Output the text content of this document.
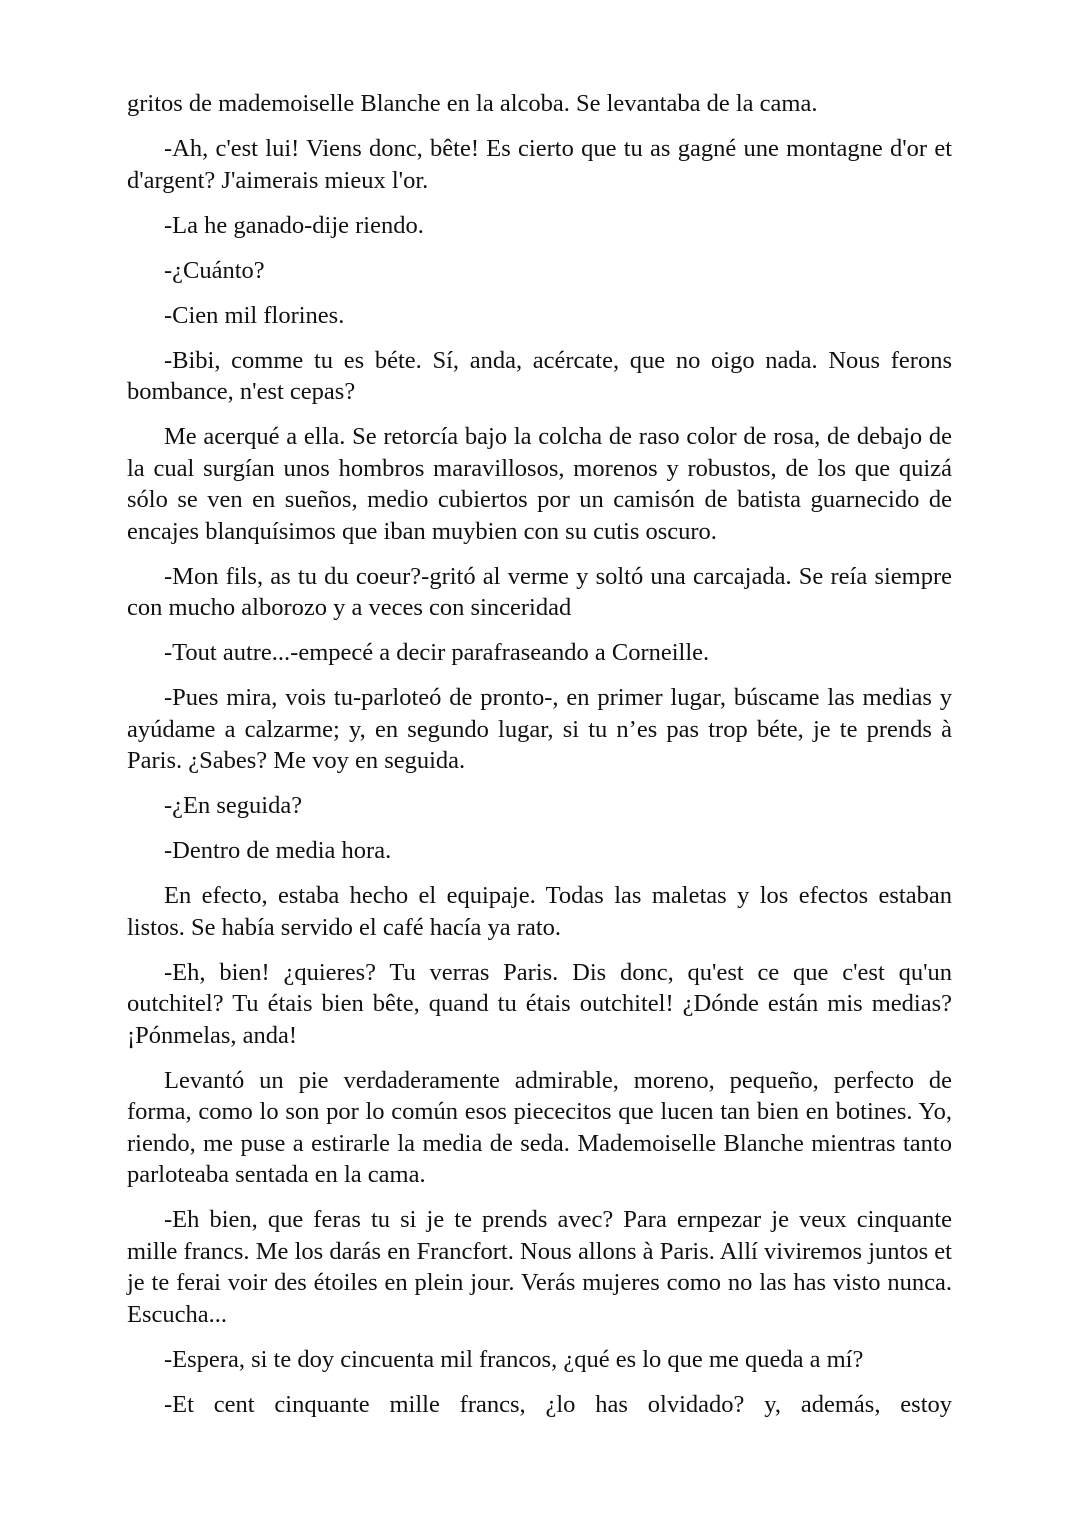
gritos de mademoiselle Blanche en la alcoba. Se levantaba de la cama.

-Ah, c'est lui! Viens donc, bête! Es cierto que tu as gagné une montagne d'or et d'argent? J'aimerais mieux l'or.

-La he ganado-dije riendo.

-¿Cuánto?

-Cien mil florines.

-Bibi, comme tu es béte. Sí, anda, acércate, que no oigo nada. Nous ferons bombance, n'est cepas?

Me acerqué a ella. Se retorcía bajo la colcha de raso color de rosa, de debajo de la cual surgían unos hombros maravillosos, morenos y robustos, de los que quizá sólo se ven en sueños, medio cubiertos por un camisón de batista guarnecido de encajes blanquísimos que iban muybien con su cutis oscuro.

-Mon fils, as tu du coeur?-gritó al verme y soltó una carcajada. Se reía siempre con mucho alborozo y a veces con sinceridad

-Tout autre...-empecé a decir parafraseando a Corneille.

-Pues mira, vois tu-parloteó de pronto-, en primer lugar, búscame las medias y ayúdame a calzarme; y, en segundo lugar, si tu n’es pas trop béte, je te prends à Paris. ¿Sabes? Me voy en seguida.

-¿En seguida?

-Dentro de media hora.

En efecto, estaba hecho el equipaje. Todas las maletas y los efectos estaban listos. Se había servido el café hacía ya rato.

-Eh, bien! ¿quieres? Tu verras Paris. Dis donc, qu'est ce que c'est qu'un outchitel? Tu étais bien bête, quand tu étais outchitel! ¿Dónde están mis medias? ¡Pónmelas, anda!

Levantó un pie verdaderamente admirable, moreno, pequeño, perfecto de forma, como lo son por lo común esos piececitos que lucen tan bien en botines. Yo, riendo, me puse a estirarle la media de seda. Mademoiselle Blanche mientras tanto parloteaba sentada en la cama.

-Eh bien, que feras tu si je te prends avec? Para ernpezar je veux cinquante mille francs. Me los darás en Francfort. Nous allons à Paris. Allí viviremos juntos et je te ferai voir des étoiles en plein jour. Verás mujeres como no las has visto nunca. Escucha...

-Espera, si te doy cincuenta mil francos, ¿qué es lo que me queda a mí?

-Et cent cinquante mille francs, ¿lo has olvidado? y, además, estoy
